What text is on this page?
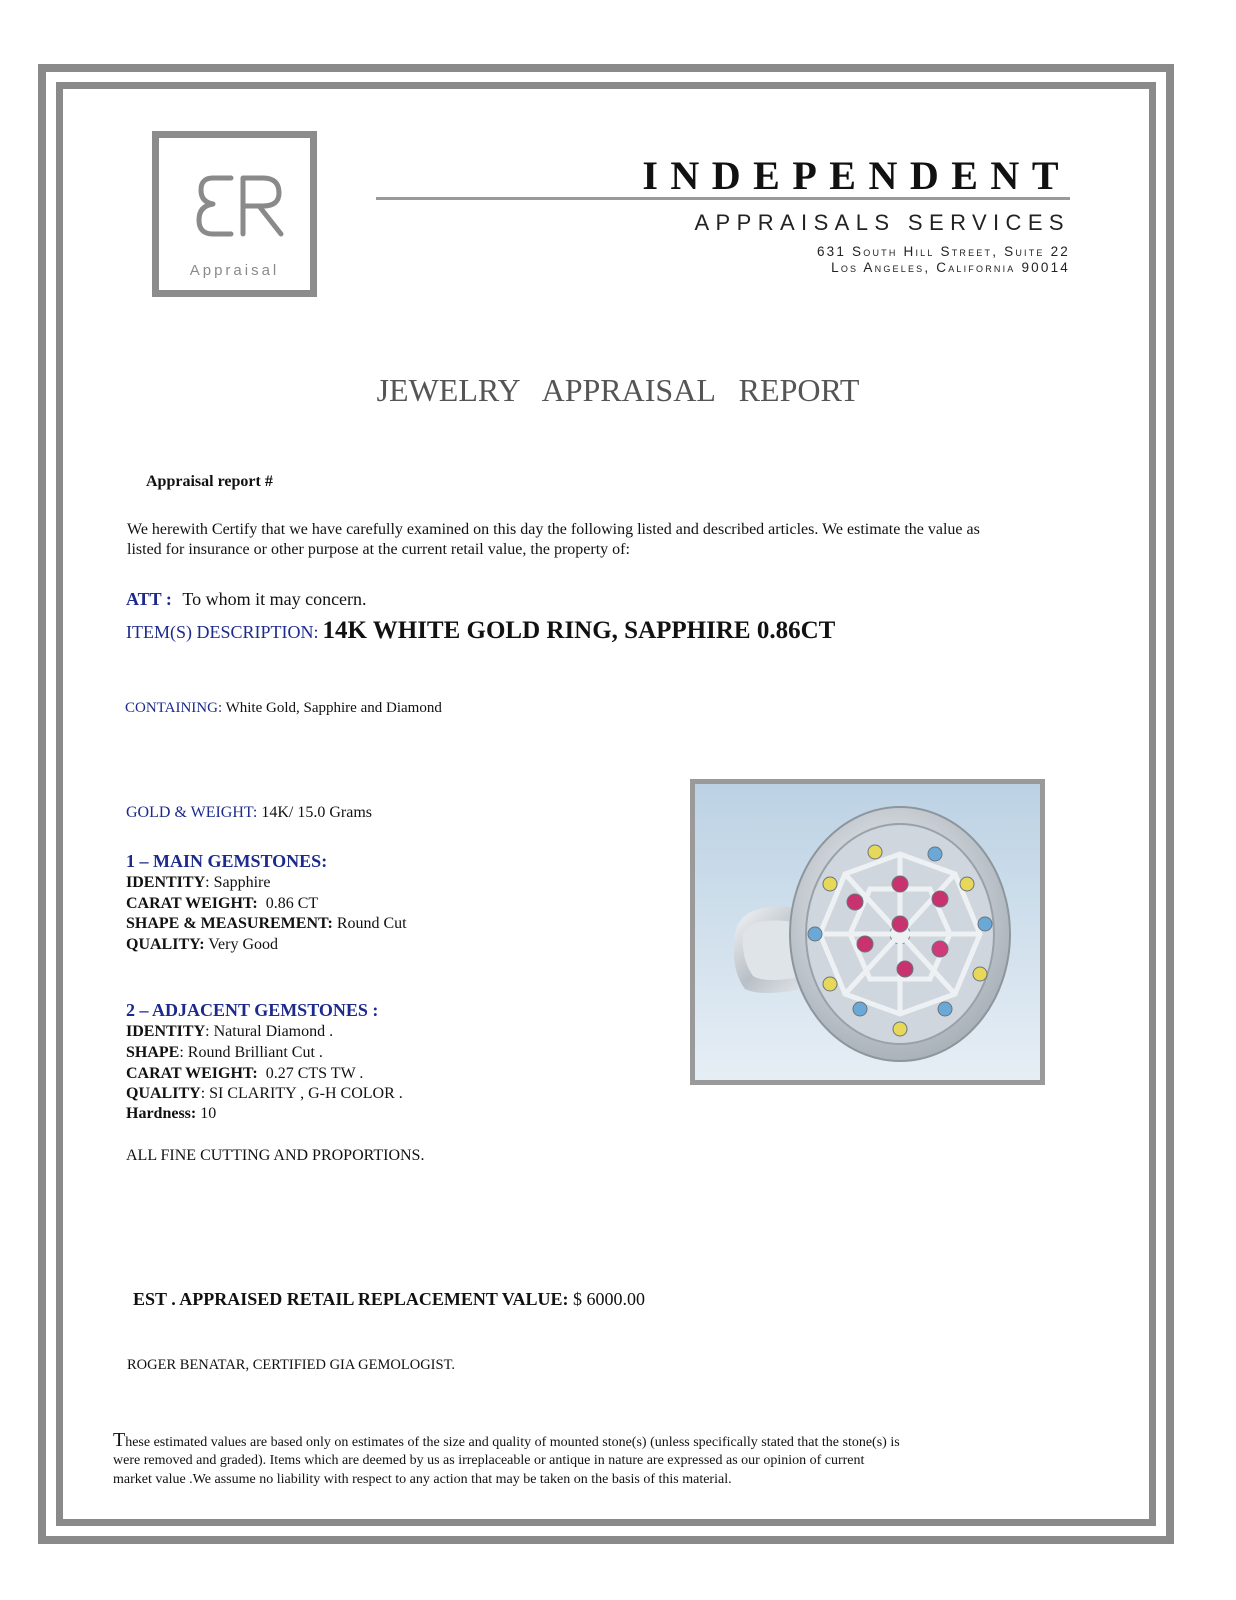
Appraisal
INDEPENDENT
APPRAISALS SERVICES
631 South Hill Street, Suite 22
Los Angeles, California 90014
JEWELRY APPRAISAL REPORT
Appraisal report #
We herewith Certify that we have carefully examined on this day the following listed and described articles. We estimate the value as
listed for insurance or other purpose at the current retail value, the property of:
ATT : To whom it may concern.
ITEM(S) DESCRIPTION: 14K WHITE GOLD RING, SAPPHIRE 0.86CT
CONTAINING: White Gold, Sapphire and Diamond
GOLD & WEIGHT: 14K/ 15.0 Grams
1 – MAIN GEMSTONES:
IDENTITY: Sapphire
CARAT WEIGHT: 0.86 CT
SHAPE & MEASUREMENT: Round Cut
QUALITY: Very Good
2 – ADJACENT GEMSTONES :
IDENTITY: Natural Diamond .
SHAPE: Round Brilliant Cut .
CARAT WEIGHT: 0.27 CTS TW .
QUALITY: SI CLARITY , G-H COLOR .
Hardness: 10
ALL FINE CUTTING AND PROPORTIONS.
EST . APPRAISED RETAIL REPLACEMENT VALUE: $ 6000.00
ROGER BENATAR, CERTIFIED GIA GEMOLOGIST.
These estimated values are based only on estimates of the size and quality of mounted stone(s) (unless specifically stated that the stone(s) is
were removed and graded). Items which are deemed by us as irreplaceable or antique in nature are expressed as our opinion of current
market value .We assume no liability with respect to any action that may be taken on the basis of this material.
